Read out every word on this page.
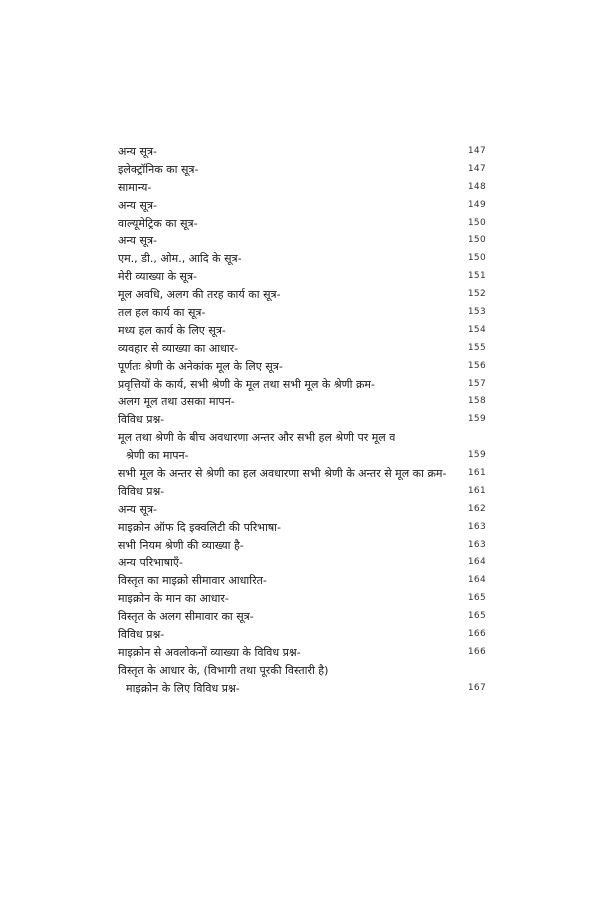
अन्य सूत्र-	147
इलेक्ट्रॉनिक का सूत्र-	147
सामान्य-	148
अन्य सूत्र-	149
वाल्यूमेट्रिक का सूत्र-	150
अन्य सूत्र-	150
एम., डी., ओम., आदि के सूत्र-	150
मेरी व्याख्या के सूत्र-	151
मूल अवधि, अलग की तरह कार्य का सूत्र-	152
तल हल कार्य का सूत्र-	153
मध्य हल कार्य के लिए सूत्र-	154
व्यवहार से व्याख्या का आधार-	155
पूर्णतः श्रेणी के अनेकांक मूल के लिए सूत्र-	156
प्रवृत्तियों के कार्य, सभी श्रेणी के मूल तथा सभी मूल के श्रेणी क्रम-	157
अलग मूल तथा उसका मापन-	158
विविध प्रश्न-	159
मूल तथा श्रेणी के बीच अवधारणा अन्तर और सभी हल श्रेणी पर मूल व
श्रेणी का मापन-	159
सभी मूल के अन्तर से श्रेणी का हल अवधारणा सभी श्रेणी के अन्तर से मूल का क्रम- 161
विविध प्रश्न-	161
अन्य सूत्र-	162
माइक्रोन ऑफ दि इक्वलिटी की परिभाषा-	163
सभी नियम श्रेणी की व्याख्या है-	163
अन्य परिभाषाएँ-	164
विस्तृत का माइक्रो सीमावार आधारित-	164
माइक्रोन के मान का आधार-	165
विस्तृत के अलग सीमावार का सूत्र-	165
विविध प्रश्न-	166
माइक्रोन से अवलोकनों व्याख्या के विविध प्रश्न-	166
विस्तृत के आधार के, (विभागी तथा पूरकी विस्तारी है)
माइक्रोन के लिए विविध प्रश्न-	167
